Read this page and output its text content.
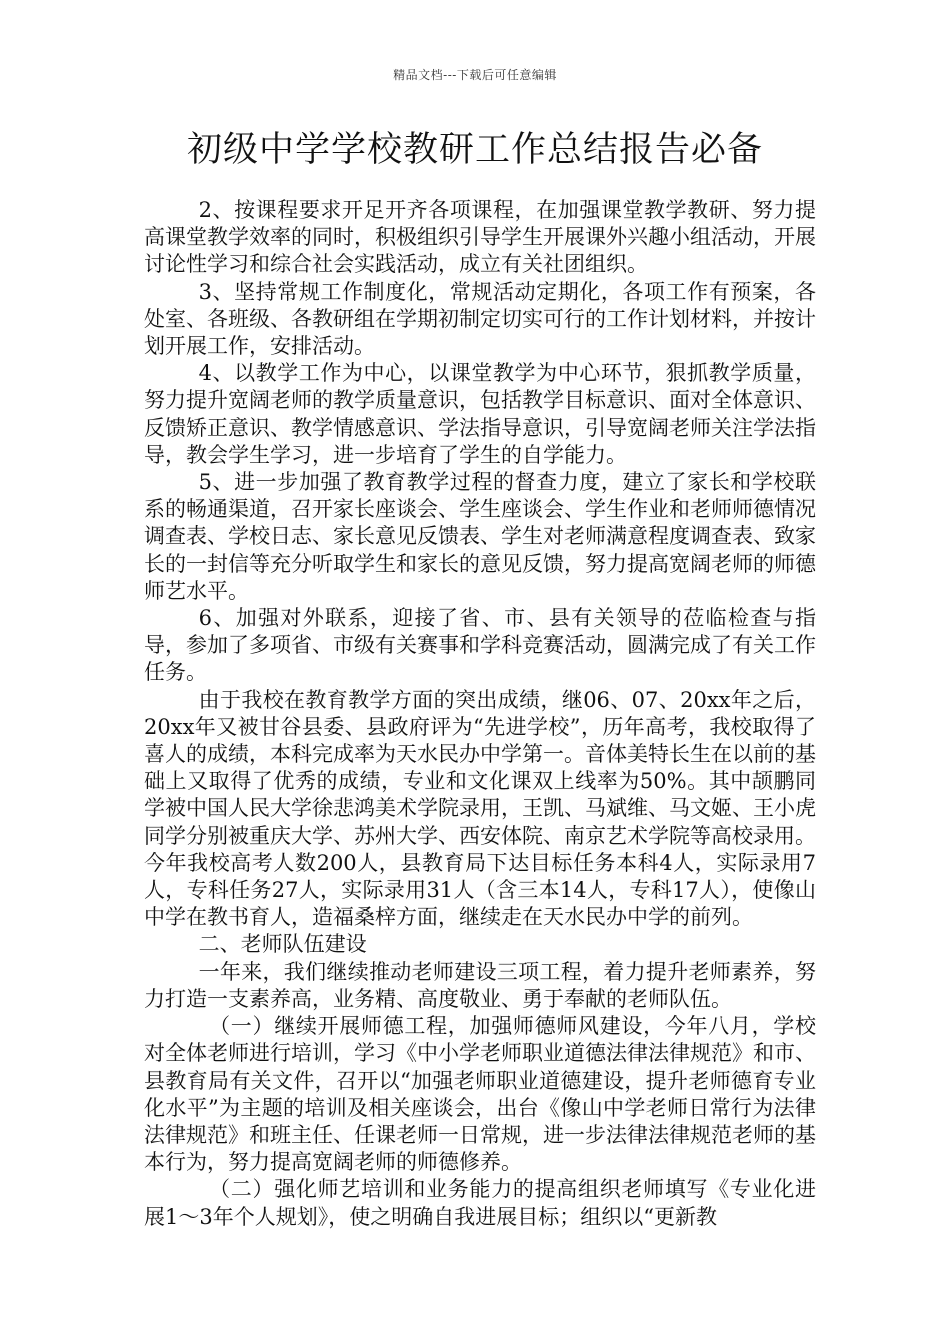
精品文档---下载后可任意编辑
初级中学学校教研工作总结报告必备

2、按课程要求开足开齐各项课程，在加强课堂教学教研、努力提高课堂教学效率的同时，积极组织引导学生开展课外兴趣小组活动，开展讨论性学习和综合社会实践活动，成立有关社团组织。

3、坚持常规工作制度化，常规活动定期化，各项工作有预案，各处室、各班级、各教研组在学期初制定切实可行的工作计划材料，并按计划开展工作，安排活动。

4、以教学工作为中心，以课堂教学为中心环节，狠抓教学质量，努力提升宽阔老师的教学质量意识，包括教学目标意识、面对全体意识、反馈矫正意识、教学情感意识、学法指导意识，引导宽阔老师关注学法指导，教会学生学习，进一步培育了学生的自学能力。

5、进一步加强了教育教学过程的督查力度，建立了家长和学校联系的畅通渠道，召开家长座谈会、学生座谈会、学生作业和老师师德情况调查表、学校日志、家长意见反馈表、学生对老师满意程度调查表、致家长的一封信等充分听取学生和家长的意见反馈，努力提高宽阔老师的师德师艺水平。

6、加强对外联系，迎接了省、市、县有关领导的莅临检查与指导，参加了多项省、市级有关赛事和学科竞赛活动，圆满完成了有关工作任务。

由于我校在教育教学方面的突出成绩，继06、07、20xx年之后，20xx年又被甘谷县委、县政府评为“先进学校”，历年高考，我校取得了喜人的成绩，本科完成率为天水民办中学第一。音体美特长生在以前的基础上又取得了优秀的成绩，专业和文化课双上线率为50%。其中颉鹏同学被中国人民大学徐悲鸿美术学院录用，王凯、马斌维、马文姬、王小虎同学分别被重庆大学、苏州大学、西安体院、南京艺术学院等高校录用。今年我校高考人数200人，县教育局下达目标任务本科4人，实际录用7人，专科任务27人，实际录用31人（含三本14人，专科17人），使像山中学在教书育人，造福桑梓方面，继续走在天水民办中学的前列。

二、老师队伍建设

一年来，我们继续推动老师建设三项工程，着力提升老师素养，努力打造一支素养高，业务精、高度敬业、勇于奉献的老师队伍。

（一）继续开展师德工程，加强师德师风建设，今年八月，学校对全体老师进行培训，学习《中小学老师职业道德法律法律规范》和市、县教育局有关文件，召开以“加强老师职业道德建设，提升老师德育专业化水平”为主题的培训及相关座谈会，出台《像山中学老师日常行为法律法律规范》和班主任、任课老师一日常规，进一步法律法律规范老师的基本行为，努力提高宽阔老师的师德修养。

（二）强化师艺培训和业务能力的提高组织老师填写《专业化进展1～3年个人规划》，使之明确自我进展目标；组织以“更新教
